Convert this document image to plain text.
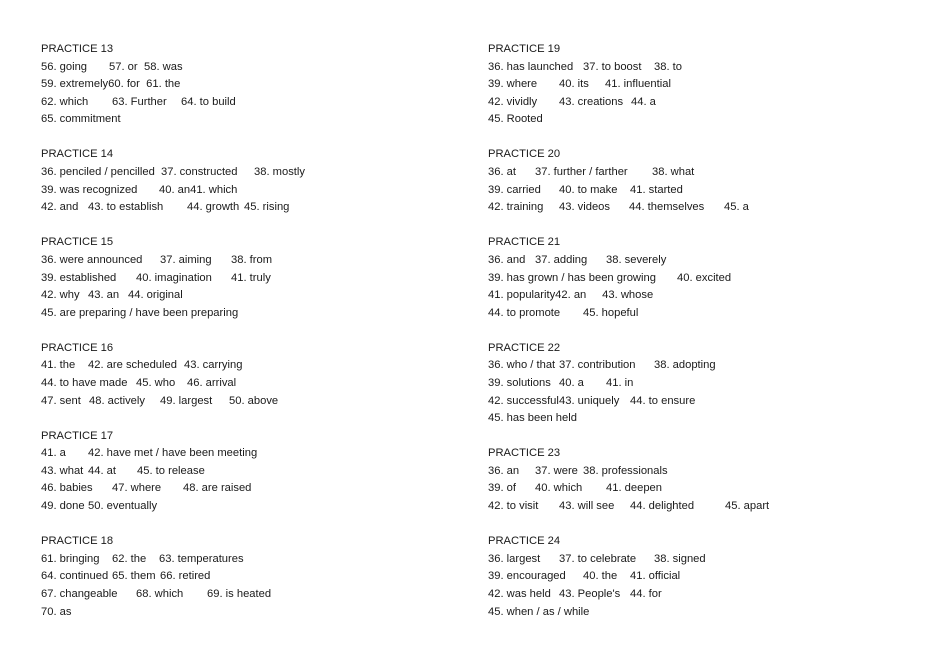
PRACTICE 13
56. going	57. or 58. was
59. extremely 60. for 61. the
62. which	63. Further	64. to build
65. commitment
PRACTICE 14
36. penciled / pencilled 37. constructed	38. mostly
39. was recognized	40. an 41. which
42. and 43. to establish	44. growth 45. rising
PRACTICE 15
36. were announced	37. aiming	38. from
39. established	40. imagination	41. truly
42. why 43. an 44. original
45. are preparing / have been preparing
PRACTICE 16
41. the	42. are scheduled 43. carrying
44. to have made 45. who	46. arrival
47. sent 48. actively	49. largest	50. above
PRACTICE 17
41. a	42. have met / have been meeting
43. what 44. at	45. to release
46. babies	47. where	48. are raised
49. done 50. eventually
PRACTICE 18
61. bringing	62. the	63. temperatures
64. continued 65. them 66. retired
67. changeable	68. which	69. is heated
70. as
PRACTICE 19
36. has launched 37. to boost	38. to
39. where	40. its	41. influential
42. vividly	43. creations 44. a
45. Rooted
PRACTICE 20
36. at	37. further / farther	38. what
39. carried	40. to make	41. started
42. training	43. videos	44. themselves	45. a
PRACTICE 21
36. and 37. adding	38. severely
39. has grown / has been growing	40. excited
41. popularity 42. an	43. whose
44. to promote	45. hopeful
PRACTICE 22
36. who / that 37. contribution	38. adopting
39. solutions 40. a	41. in
42. successful 43. uniquely 44. to ensure
45. has been held
PRACTICE 23
36. an	37. were 38. professionals
39. of	40. which	41. deepen
42. to visit	43. will see	44. delighted	45. apart
PRACTICE 24
36. largest	37. to celebrate	38. signed
39. encouraged	40. the	41. official
42. was held 43. People's 44. for
45. when / as / while
